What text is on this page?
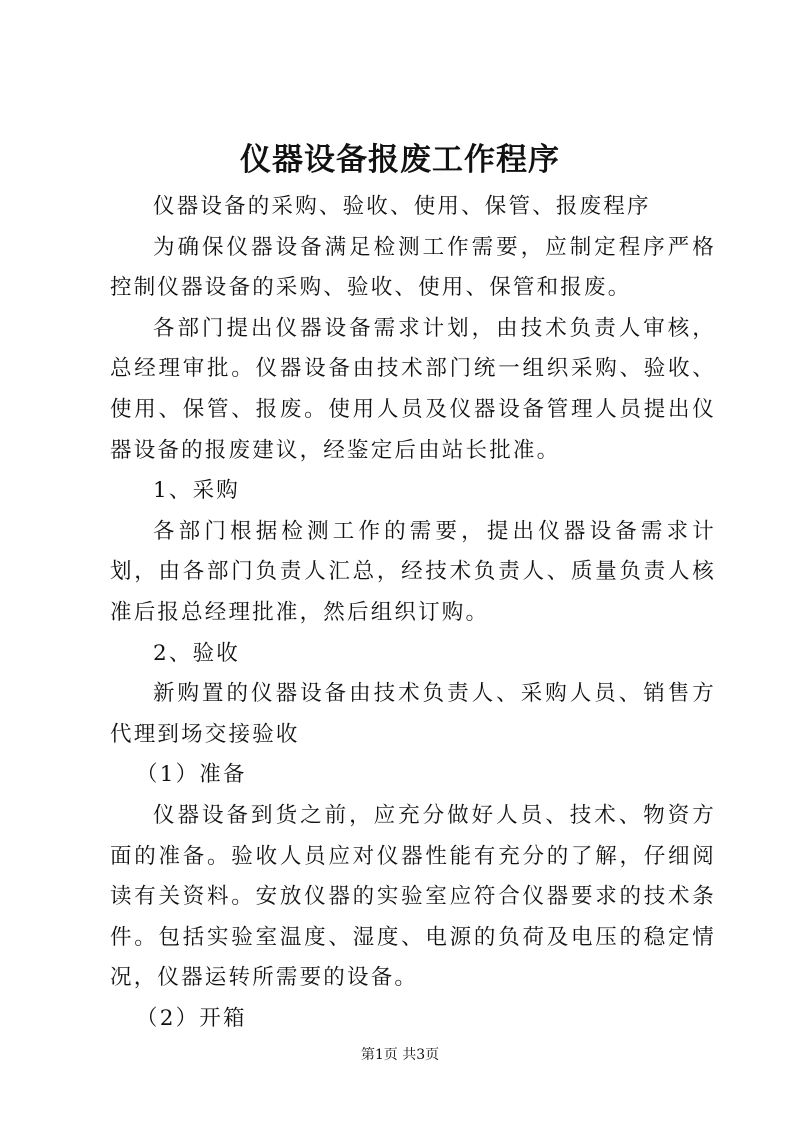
仪器设备报废工作程序

仪器设备的采购、验收、使用、保管、报废程序

为确保仪器设备满足检测工作需要，应制定程序严格控制仪器设备的采购、验收、使用、保管和报废。

各部门提出仪器设备需求计划，由技术负责人审核，总经理审批。仪器设备由技术部门统一组织采购、验收、使用、保管、报废。使用人员及仪器设备管理人员提出仪器设备的报废建议，经鉴定后由站长批准。

1、采购

各部门根据检测工作的需要，提出仪器设备需求计划，由各部门负责人汇总，经技术负责人、质量负责人核准后报总经理批准，然后组织订购。

2、验收

新购置的仪器设备由技术负责人、采购人员、销售方代理到场交接验收

（1）准备

仪器设备到货之前，应充分做好人员、技术、物资方面的准备。验收人员应对仪器性能有充分的了解，仔细阅读有关资料。安放仪器的实验室应符合仪器要求的技术条件。包括实验室温度、湿度、电源的负荷及电压的稳定情况，仪器运转所需要的设备。

（2）开箱

第1页 共3页
